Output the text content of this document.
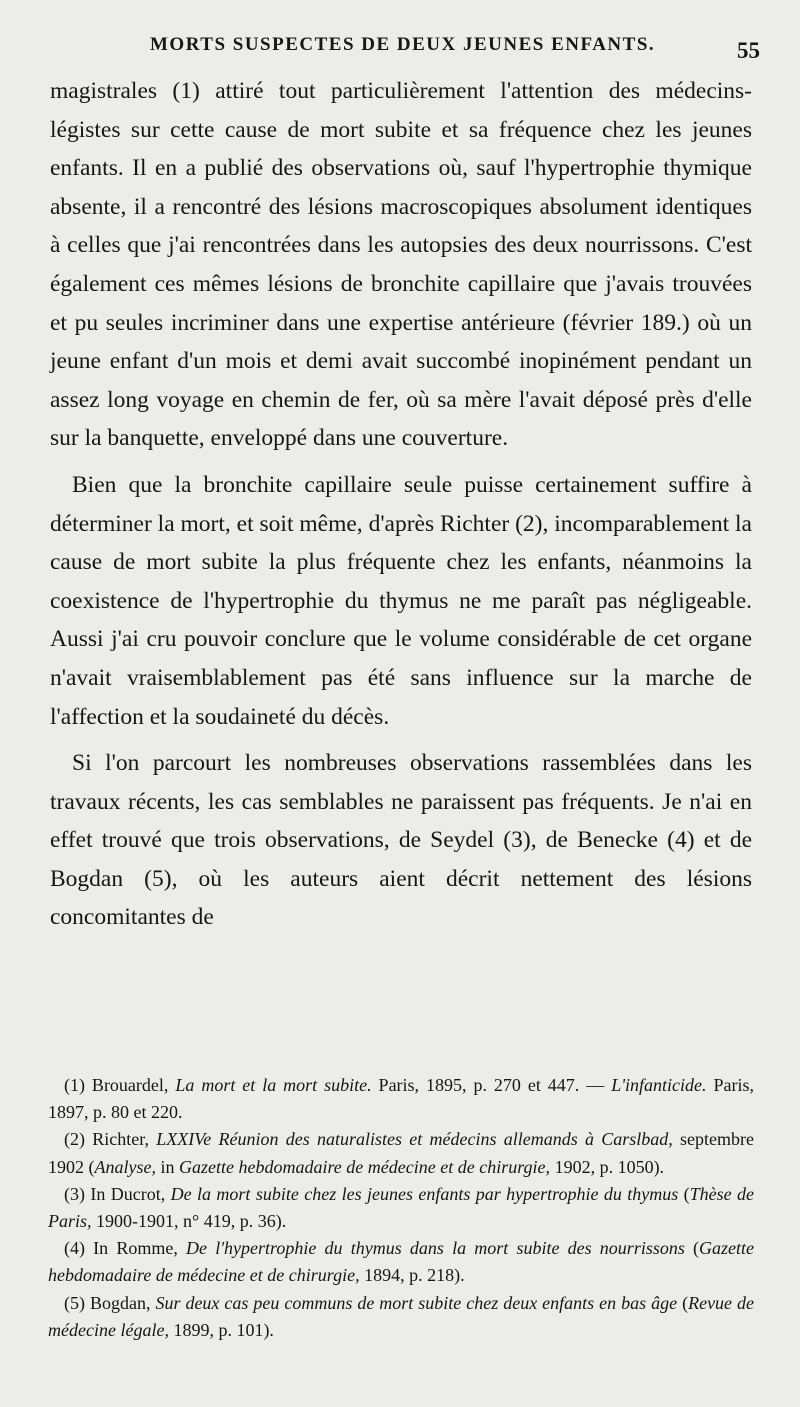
MORTS SUSPECTES DE DEUX JEUNES ENFANTS.	55

magistrales (1) attiré tout particulièrement l'attention des médecins-légistes sur cette cause de mort subite et sa fréquence chez les jeunes enfants. Il en a publié des observations où, sauf l'hypertrophie thymique absente, il a rencontré des lésions macroscopiques absolument identiques à celles que j'ai rencontrées dans les autopsies des deux nourrissons. C'est également ces mêmes lésions de bronchite capillaire que j'avais trouvées et pu seules incriminer dans une expertise antérieure (février 189.) où un jeune enfant d'un mois et demi avait succombé inopinément pendant un assez long voyage en chemin de fer, où sa mère l'avait déposé près d'elle sur la banquette, enveloppé dans une couverture.

Bien que la bronchite capillaire seule puisse certainement suffire à déterminer la mort, et soit même, d'après Richter (2), incomparablement la cause de mort subite la plus fréquente chez les enfants, néanmoins la coexistence de l'hypertrophie du thymus ne me paraît pas négligeable. Aussi j'ai cru pouvoir conclure que le volume considérable de cet organe n'avait vraisemblablement pas été sans influence sur la marche de l'affection et la soudaineté du décès.

Si l'on parcourt les nombreuses observations rassemblées dans les travaux récents, les cas semblables ne paraissent pas fréquents. Je n'ai en effet trouvé que trois observations, de Seydel (3), de Benecke (4) et de Bogdan (5), où les auteurs aient décrit nettement des lésions concomitantes de

(1) Brouardel, La mort et la mort subite. Paris, 1895, p. 270 et 447. — L'infanticide. Paris, 1897, p. 80 et 220.

(2) Richter, LXXIVe Réunion des naturalistes et médecins allemands à Carslbad, septembre 1902 (Analyse, in Gazette hebdomadaire de médecine et de chirurgie, 1902, p. 1050).

(3) In Ducrot, De la mort subite chez les jeunes enfants par hypertrophie du thymus (Thèse de Paris, 1900-1901, n° 419, p. 36).

(4) In Romme, De l'hypertrophie du thymus dans la mort subite des nourrissons (Gazette hebdomadaire de médecine et de chirurgie, 1894, p. 218).

(5) Bogdan, Sur deux cas peu communs de mort subite chez deux enfants en bas âge (Revue de médecine légale, 1899, p. 101).
